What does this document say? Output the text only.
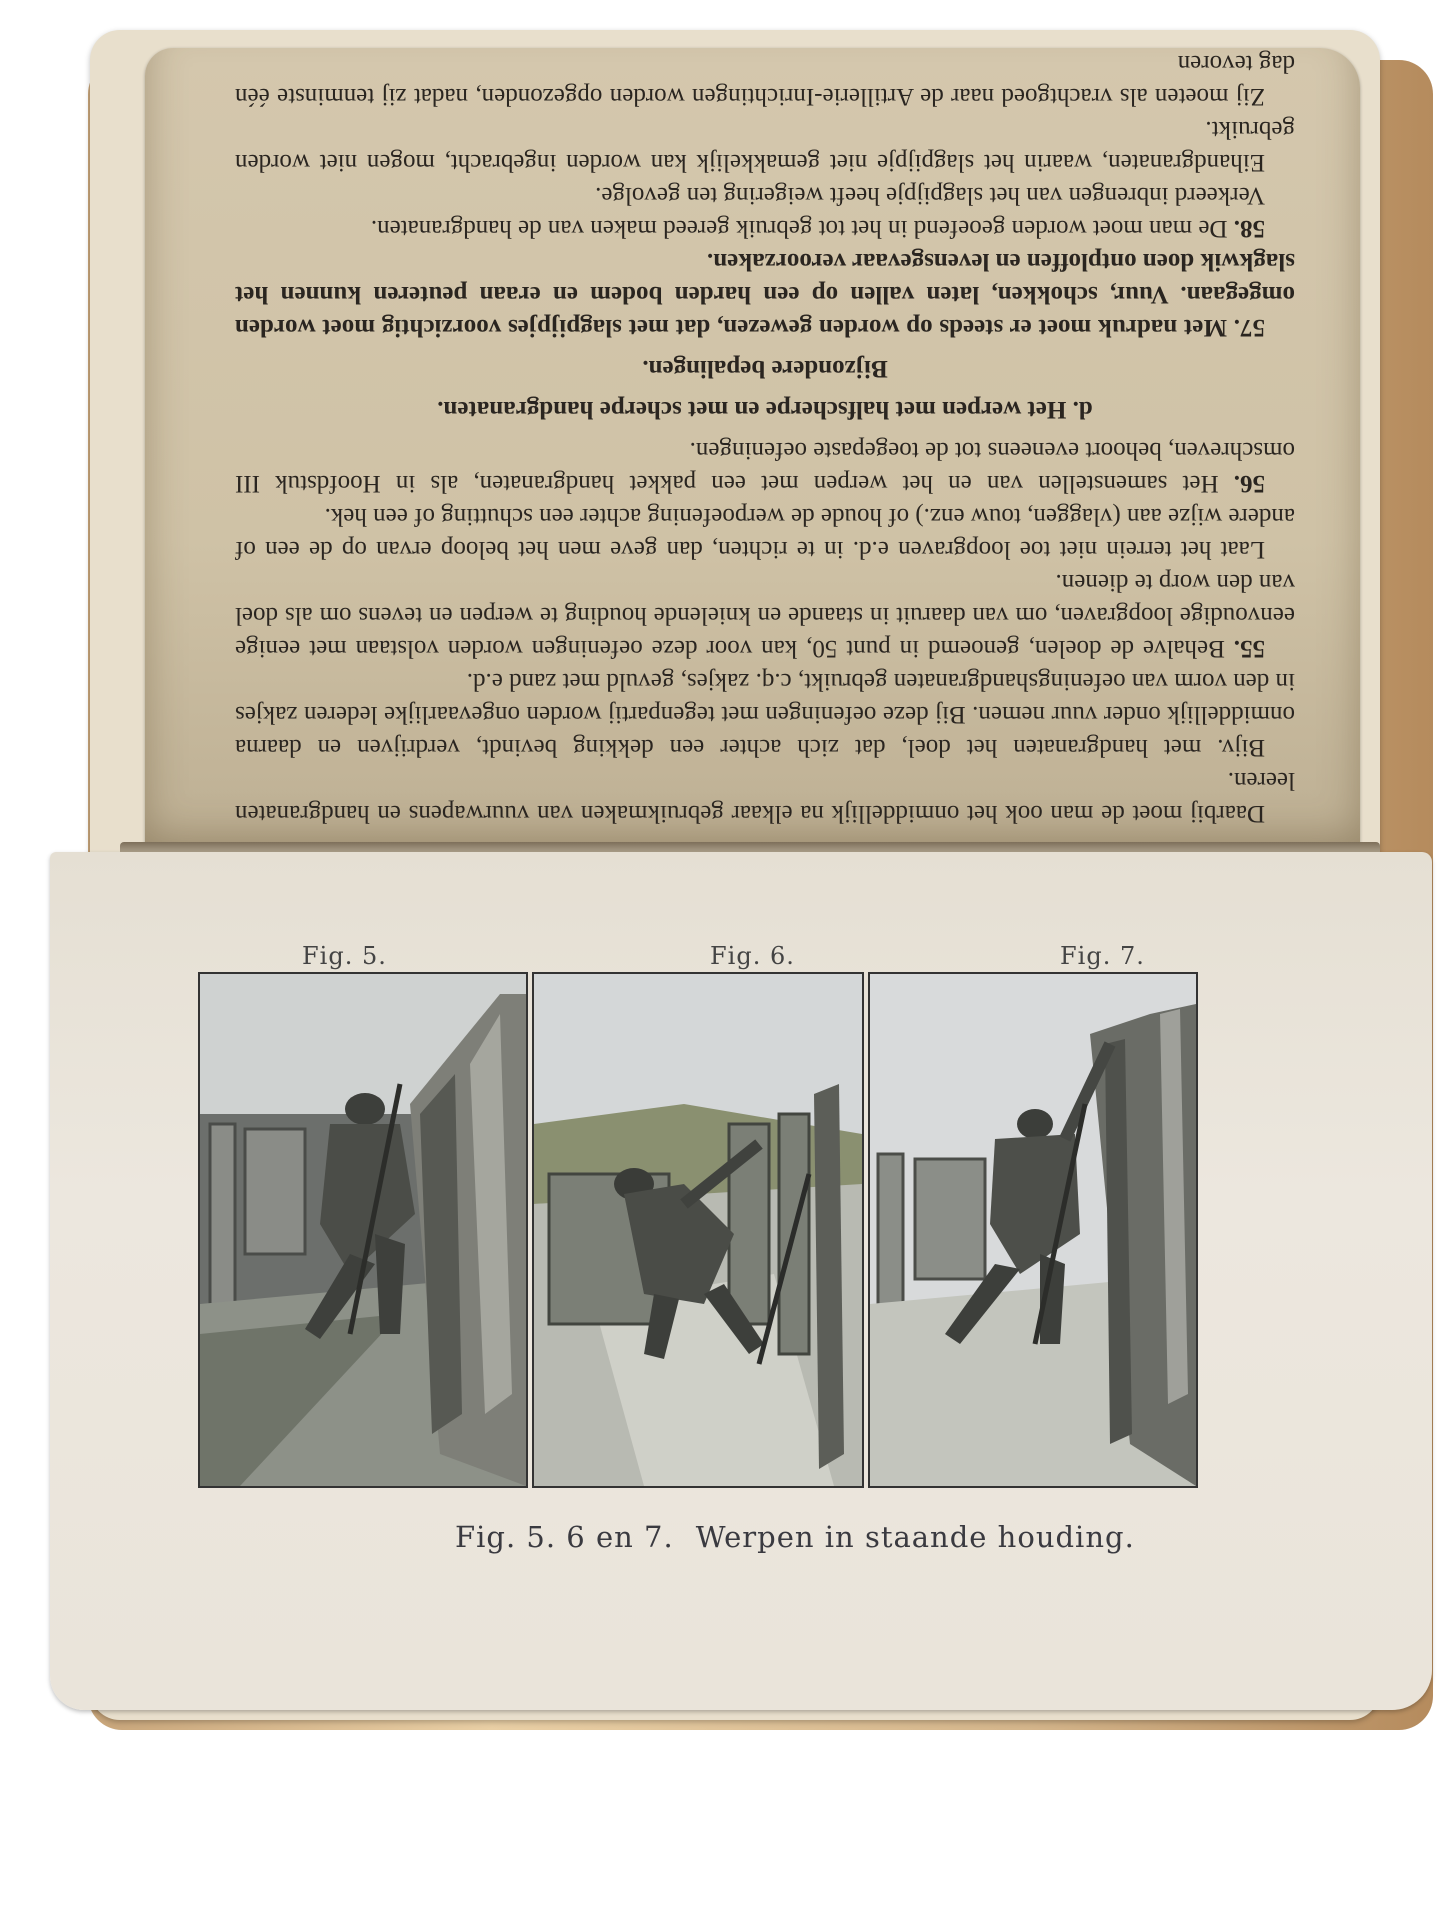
Daarbij moet de man ook het onmiddellijk na elkaar gebruikmaken van vuurwapens en handgranaten leeren.

Bijv. met handgranaten het doel, dat zich achter een dekking bevindt, verdrijven en daarna onmiddellijk onder vuur nemen. Bij deze oefeningen met tegenpartij worden ongevaarlijke lederen zakjes in den vorm van oefeningshandgranaten gebruikt, c.q. zakjes, gevuld met zand e.d.

55. Behalve de doelen, genoemd in punt 50, kan voor deze oefeningen worden volstaan met eenige eenvoudige loopgraven, om van daaruit in staande en knielende houding te werpen en tevens om als doel van den worp te dienen.

Laat het terrein niet toe loopgraven e.d. in te richten, dan geve men het beloop ervan op de een of andere wijze aan (vlaggen, touw enz.) of houde de werpoefening achter een schutting of een hek.

56. Het samenstellen van en het werpen met een pakket handgranaten, als in Hoofdstuk III omschreven, behoort eveneens tot de toegepaste oefeningen.

d. Het werpen met halfscherpe en met scherpe handgranaten.

Bijzondere bepalingen.

57. Met nadruk moet er steeds op worden gewezen, dat met slagpijpjes voorzichtig moet worden omgegaan. Vuur, schokken, laten vallen op een harden bodem en eraan peuteren kunnen het slagkwik doen ontploffen en levensgevaar veroorzaken.

58. De man moet worden geoefend in het tot gebruik gereed maken van de handgranaten.

Verkeerd inbrengen van het slagpijpje heeft weigering ten gevolge.

Eihandgranaten, waarin het slagpijpje niet gemakkelijk kan worden ingebracht, mogen niet worden gebruikt.

Zij moeten als vrachtgoed naar de Artillerie-Inrichtingen worden opgezonden, nadat zij tenminste één dag tevoren

Fig. 5.	Fig. 6.	Fig. 7.
Fig. 5. 6 en 7. Werpen in staande houding.
